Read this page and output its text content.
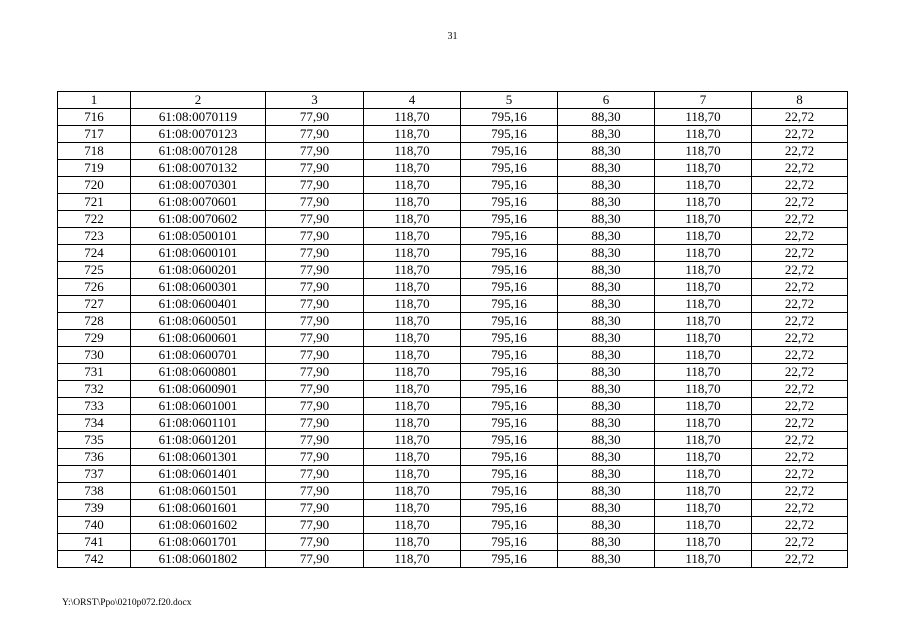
31
1	2	3	4	5	6	7	8
716	61:08:0070119	77,90	118,70	795,16	88,30	118,70	22,72
717	61:08:0070123	77,90	118,70	795,16	88,30	118,70	22,72
718	61:08:0070128	77,90	118,70	795,16	88,30	118,70	22,72
719	61:08:0070132	77,90	118,70	795,16	88,30	118,70	22,72
720	61:08:0070301	77,90	118,70	795,16	88,30	118,70	22,72
721	61:08:0070601	77,90	118,70	795,16	88,30	118,70	22,72
722	61:08:0070602	77,90	118,70	795,16	88,30	118,70	22,72
723	61:08:0500101	77,90	118,70	795,16	88,30	118,70	22,72
724	61:08:0600101	77,90	118,70	795,16	88,30	118,70	22,72
725	61:08:0600201	77,90	118,70	795,16	88,30	118,70	22,72
726	61:08:0600301	77,90	118,70	795,16	88,30	118,70	22,72
727	61:08:0600401	77,90	118,70	795,16	88,30	118,70	22,72
728	61:08:0600501	77,90	118,70	795,16	88,30	118,70	22,72
729	61:08:0600601	77,90	118,70	795,16	88,30	118,70	22,72
730	61:08:0600701	77,90	118,70	795,16	88,30	118,70	22,72
731	61:08:0600801	77,90	118,70	795,16	88,30	118,70	22,72
732	61:08:0600901	77,90	118,70	795,16	88,30	118,70	22,72
733	61:08:0601001	77,90	118,70	795,16	88,30	118,70	22,72
734	61:08:0601101	77,90	118,70	795,16	88,30	118,70	22,72
735	61:08:0601201	77,90	118,70	795,16	88,30	118,70	22,72
736	61:08:0601301	77,90	118,70	795,16	88,30	118,70	22,72
737	61:08:0601401	77,90	118,70	795,16	88,30	118,70	22,72
738	61:08:0601501	77,90	118,70	795,16	88,30	118,70	22,72
739	61:08:0601601	77,90	118,70	795,16	88,30	118,70	22,72
740	61:08:0601602	77,90	118,70	795,16	88,30	118,70	22,72
741	61:08:0601701	77,90	118,70	795,16	88,30	118,70	22,72
742	61:08:0601802	77,90	118,70	795,16	88,30	118,70	22,72
Y:\ORST\Ppo\0210p072.f20.docx
